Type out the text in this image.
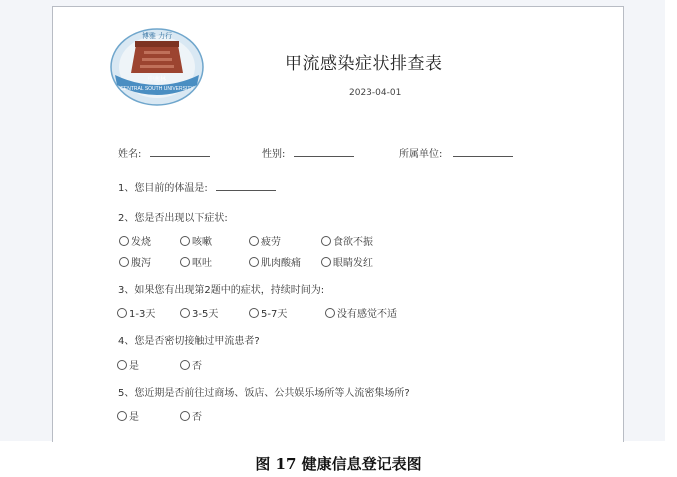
CENTRAL SOUTH UNIVERSITY
博雅 力行
中南林
甲流感染症状排查表
2023-04-01
姓名:	性别:	所属单位:
1、您目前的体温是:
2、您是否出现以下症状:
发烧	咳嗽	疲劳	食欲不振
腹泻	呕吐	肌肉酸痛	眼睛发红
3、如果您有出现第2题中的症状，持续时间为:
1-3天	3-5天	5-7天	没有感觉不适
4、您是否密切接触过甲流患者?
是	否
5、您近期是否前往过商场、饭店、公共娱乐场所等人流密集场所?
是	否
图 17 健康信息登记表图
